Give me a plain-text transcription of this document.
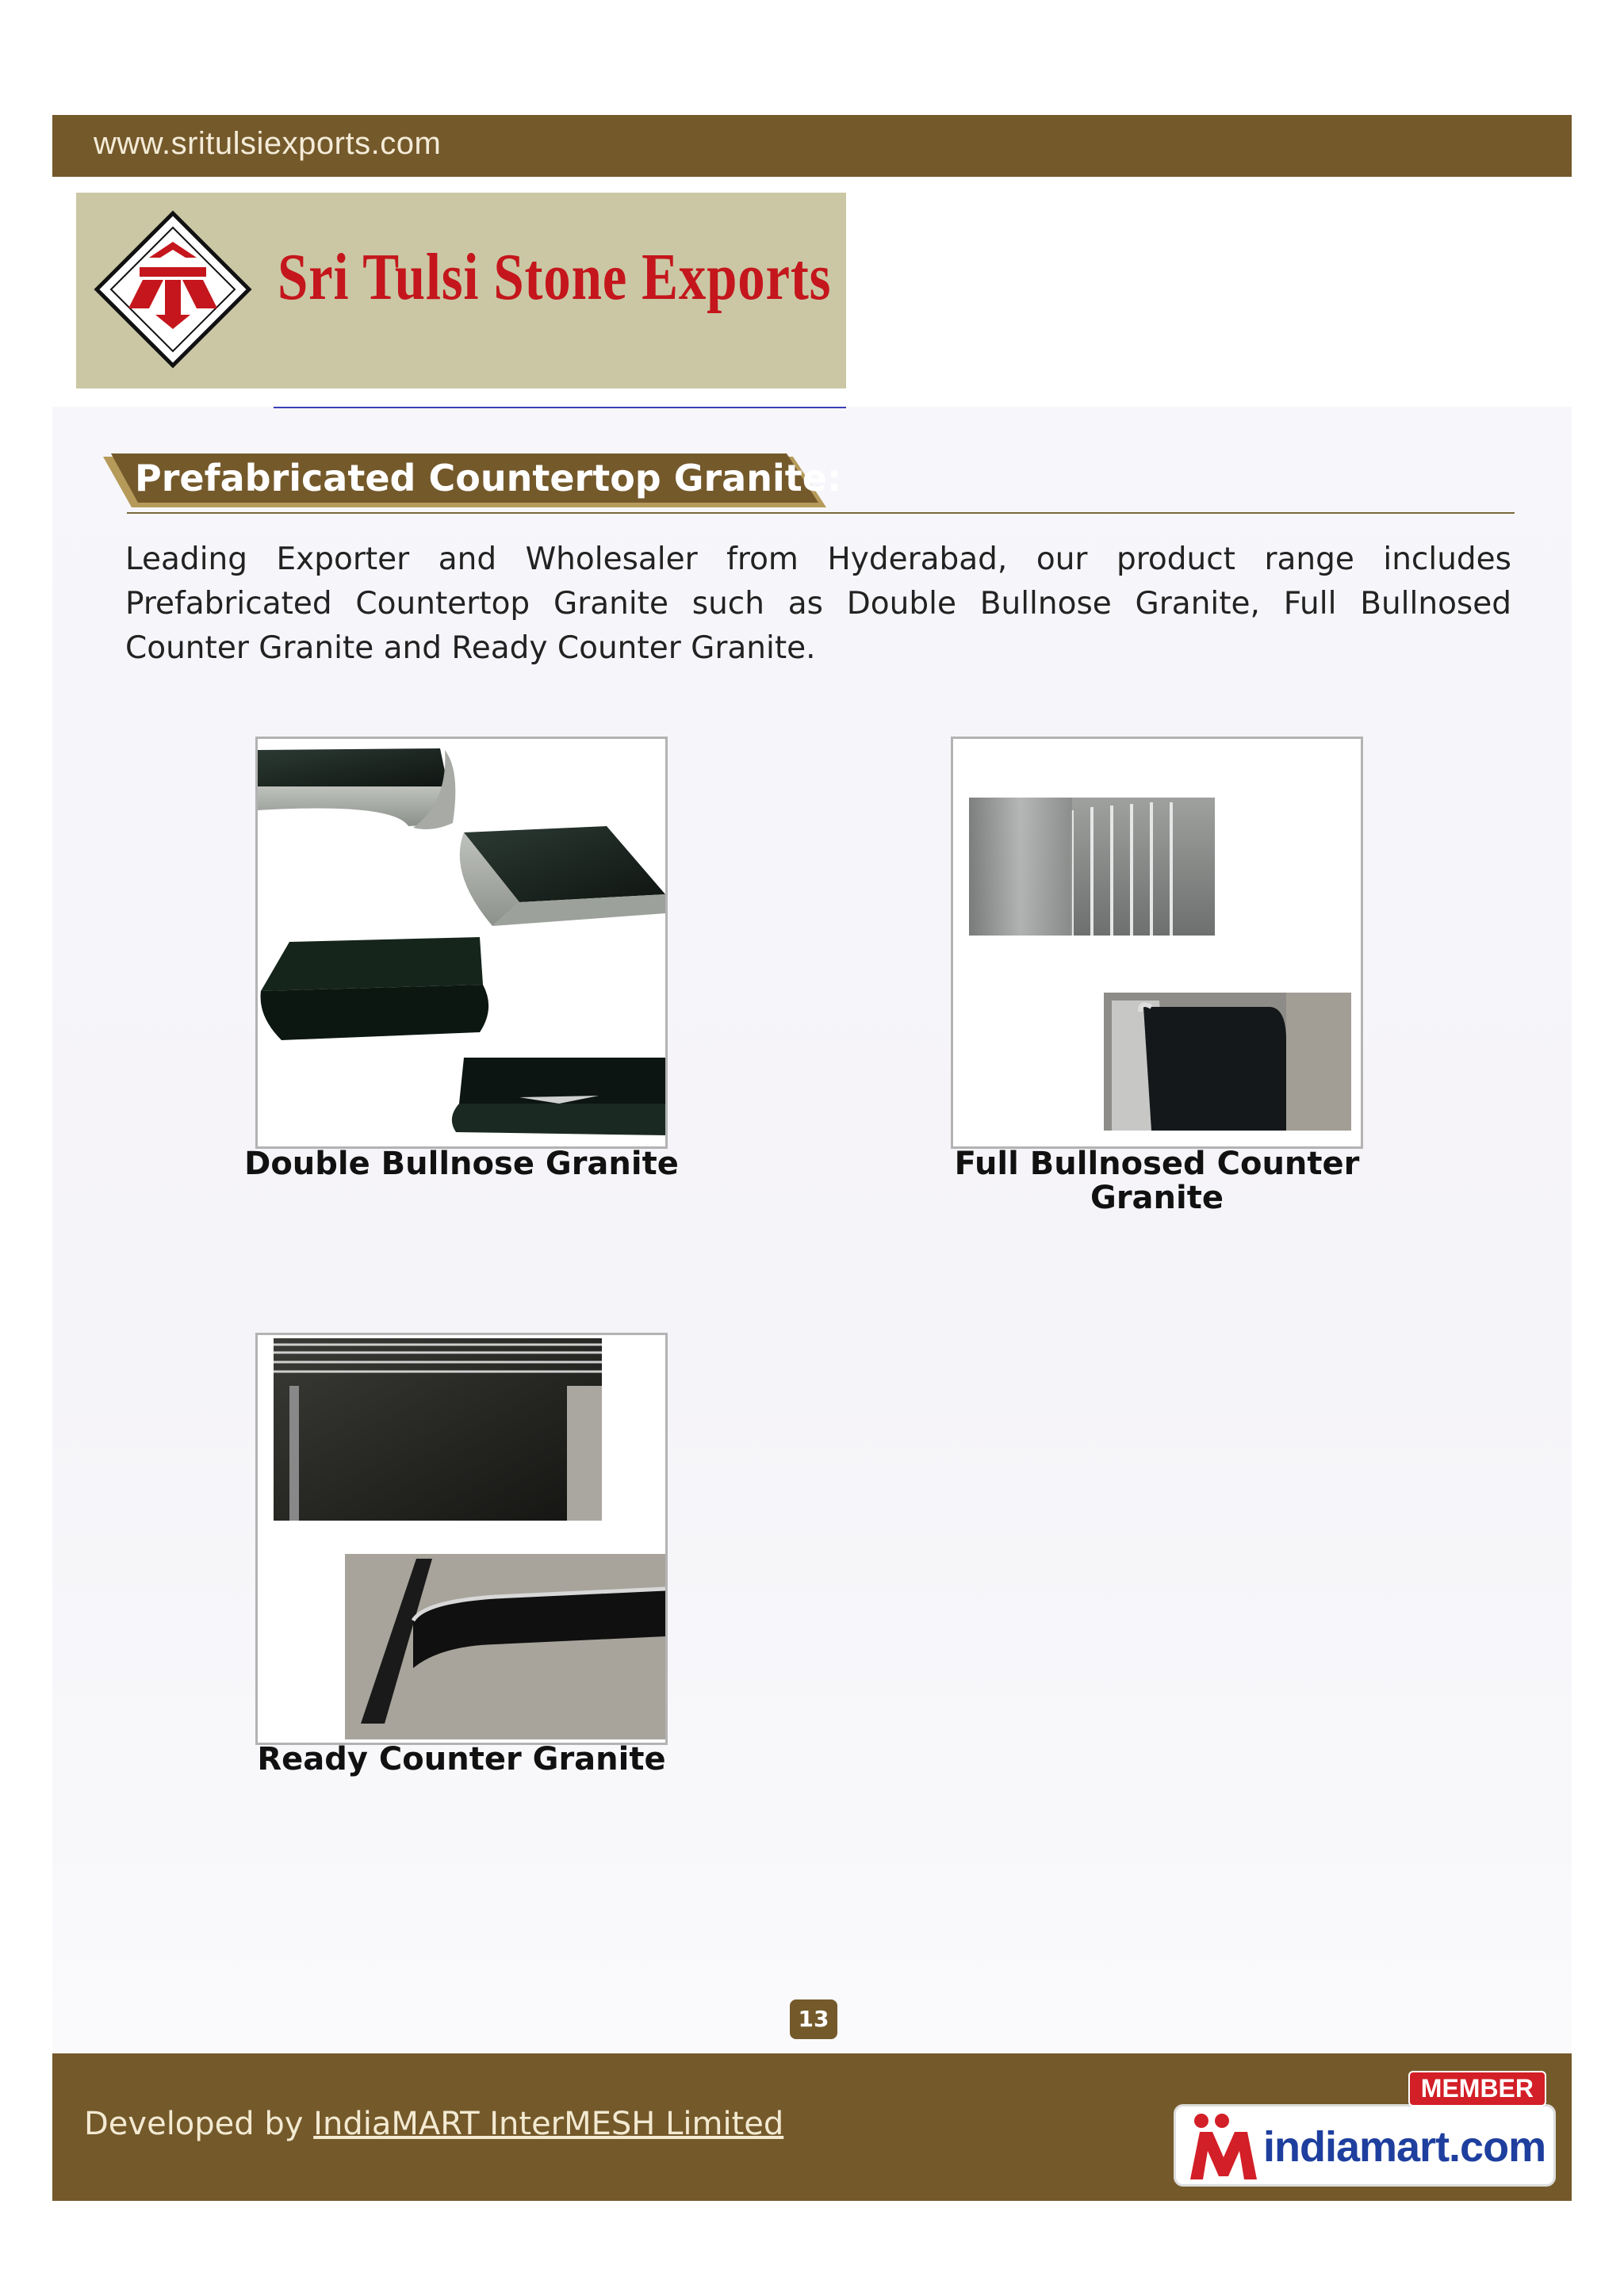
www.sritulsiexports.com
Sri Tulsi Stone Exports
Prefabricated Countertop Granite:

Leading Exporter and Wholesaler from Hyderabad, our product range includes Prefabricated Countertop Granite such as Double Bullnose Granite, Full Bullnosed Counter Granite and Ready Counter Granite.

Double Bullnose Granite	Full Bullnosed Counter Granite
Ready Counter Granite
13
Developed by IndiaMART InterMESH Limited	indiamart.com
MEMBER
